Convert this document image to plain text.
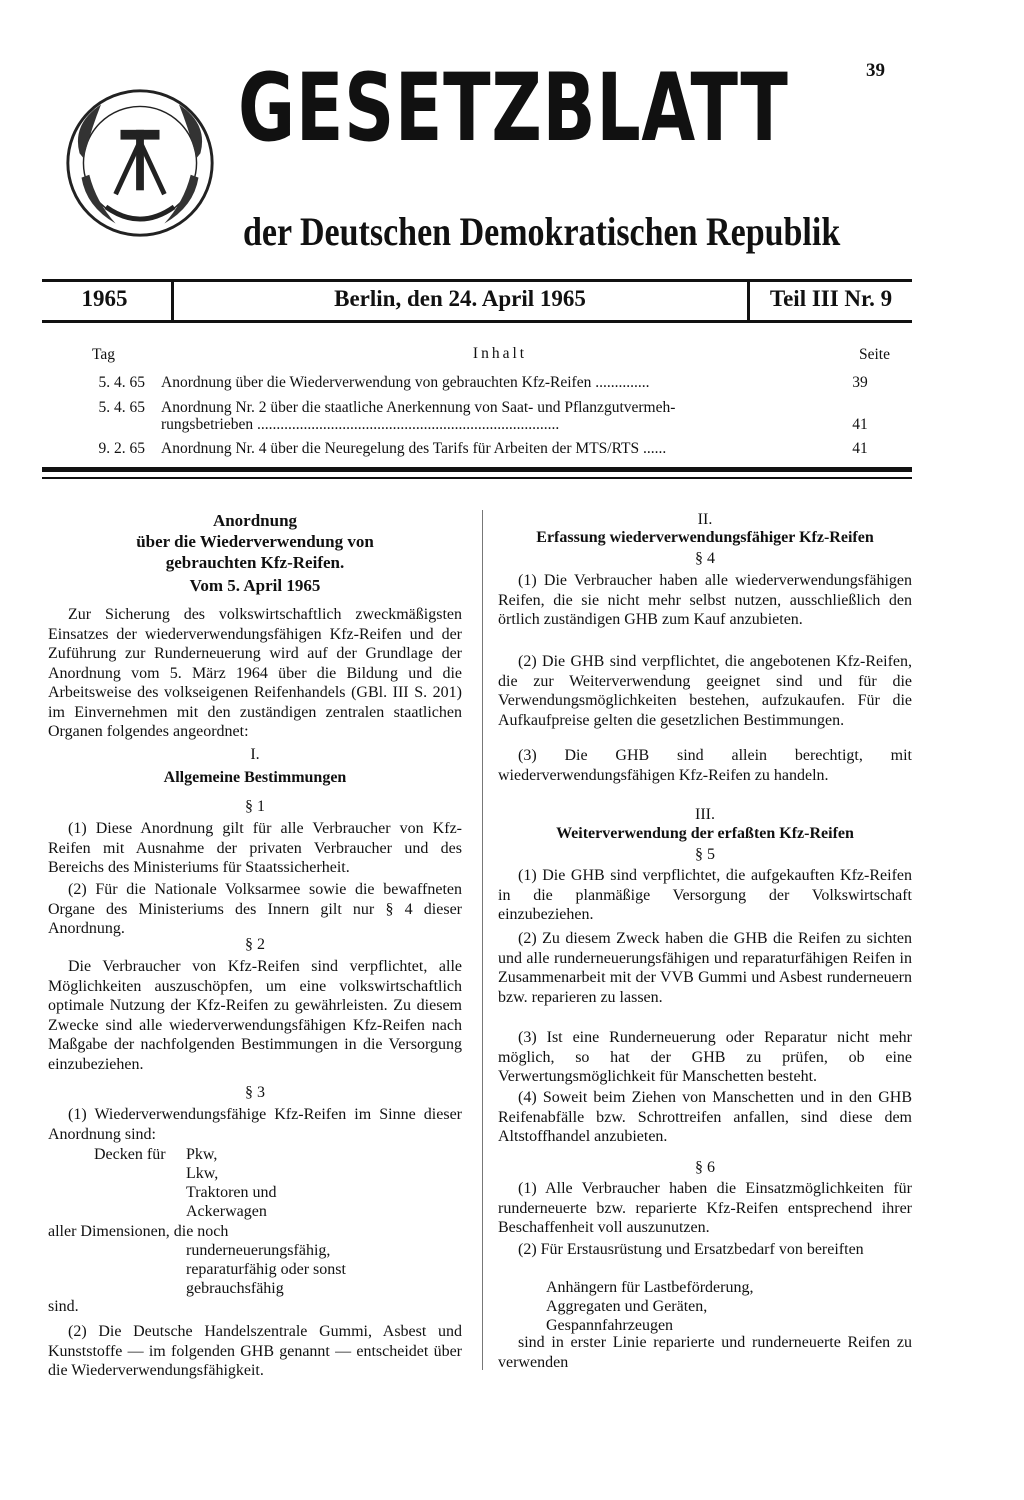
39
GESETZBLATT
der Deutschen Demokratischen Republik
1965	Berlin, den 24. April 1965	Teil III Nr. 9
Tag	Inhalt	Seite
5. 4. 65 Anordnung über die Wiederverwendung von gebrauchten Kfz-Reifen ..............	39
5. 4. 65 Anordnung Nr. 2 über die staatliche Anerkennung von Saat- und Pflanzgutvermeh-
rungsbetrieben ..............................................................................	41
9. 2. 65 Anordnung Nr. 4 über die Neuregelung des Tarifs für Arbeiten der MTS/RTS ......	41
Anordnung
über die Wiederverwendung von
gebrauchten Kfz-Reifen.
Vom 5. April 1965
Zur Sicherung des volkswirtschaftlich zweckmäßigsten Einsatzes der wiederverwendungsfähigen Kfz-Reifen und der Zuführung zur Runderneuerung wird auf der Grundlage der Anordnung vom 5. März 1964 über die Bildung und die Arbeitsweise des volkseigenen Reifenhandels (GBl. III S. 201) im Einvernehmen mit den zuständigen zentralen staatlichen Organen folgendes angeordnet:
I.
Allgemeine Bestimmungen
§ 1
(1) Diese Anordnung gilt für alle Verbraucher von Kfz-Reifen mit Ausnahme der privaten Verbraucher und des Bereichs des Ministeriums für Staatssicherheit.
(2) Für die Nationale Volksarmee sowie die bewaffneten Organe des Ministeriums des Innern gilt nur § 4 dieser Anordnung.
§ 2
Die Verbraucher von Kfz-Reifen sind verpflichtet, alle Möglichkeiten auszuschöpfen, um eine volkswirtschaftlich optimale Nutzung der Kfz-Reifen zu gewährleisten. Zu diesem Zwecke sind alle wiederverwendungsfähigen Kfz-Reifen nach Maßgabe der nachfolgenden Bestimmungen in die Versorgung einzubeziehen.
§ 3
(1) Wiederverwendungsfähige Kfz-Reifen im Sinne dieser Anordnung sind:
Decken für Pkw,
Lkw,
Traktoren und
Ackerwagen
aller Dimensionen, die noch
runderneuerungsfähig,
reparaturfähig oder sonst
gebrauchsfähig
sind.
(2) Die Deutsche Handelszentrale Gummi, Asbest und Kunststoffe — im folgenden GHB genannt — entscheidet über die Wiederverwendungsfähigkeit.
II.
Erfassung wiederverwendungsfähiger Kfz-Reifen
§ 4
(1) Die Verbraucher haben alle wiederverwendungsfähigen Reifen, die sie nicht mehr selbst nutzen, ausschließlich den örtlich zuständigen GHB zum Kauf anzubieten.
(2) Die GHB sind verpflichtet, die angebotenen Kfz-Reifen, die zur Weiterverwendung geeignet sind und für die Verwendungsmöglichkeiten bestehen, aufzukaufen. Für die Aufkaufpreise gelten die gesetzlichen Bestimmungen.
(3) Die GHB sind allein berechtigt, mit wiederverwendungsfähigen Kfz-Reifen zu handeln.
III.
Weiterverwendung der erfaßten Kfz-Reifen
§ 5
(1) Die GHB sind verpflichtet, die aufgekauften Kfz-Reifen in die planmäßige Versorgung der Volkswirtschaft einzubeziehen.
(2) Zu diesem Zweck haben die GHB die Reifen zu sichten und alle runderneuerungsfähigen und reparaturfähigen Reifen in Zusammenarbeit mit der VVB Gummi und Asbest runderneuern bzw. reparieren zu lassen.
(3) Ist eine Runderneuerung oder Reparatur nicht mehr möglich, so hat der GHB zu prüfen, ob eine Verwertungsmöglichkeit für Manschetten besteht.
(4) Soweit beim Ziehen von Manschetten und in den GHB Reifenabfälle bzw. Schrottreifen anfallen, sind diese dem Altstoffhandel anzubieten.
§ 6
(1) Alle Verbraucher haben die Einsatzmöglichkeiten für runderneuerte bzw. reparierte Kfz-Reifen entsprechend ihrer Beschaffenheit voll auszunutzen.
(2) Für Erstausrüstung und Ersatzbedarf von bereiften
Anhängern für Lastbeförderung,
Aggregaten und Geräten,
Gespannfahrzeugen
sind in erster Linie reparierte und runderneuerte Reifen zu verwenden
